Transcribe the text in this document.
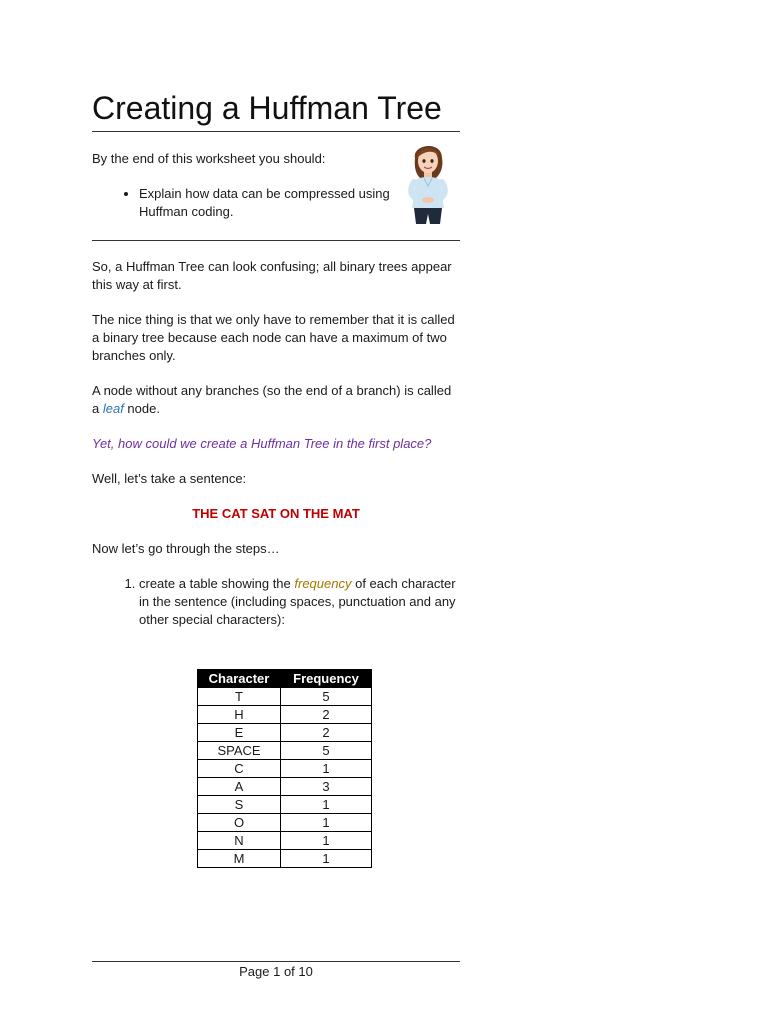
Creating a Huffman Tree

By the end of this worksheet you should:

• Explain how data can be compressed using Huffman coding.

So, a Huffman Tree can look confusing; all binary trees appear this way at first.

The nice thing is that we only have to remember that it is called a binary tree because each node can have a maximum of two branches only.

A node without any branches (so the end of a branch) is called a leaf node.

Yet, how could we create a Huffman Tree in the first place?

Well, let’s take a sentence:

THE CAT SAT ON THE MAT

Now let’s go through the steps…

1. create a table showing the frequency of each character in the sentence (including spaces, punctuation and any other special characters):
Character	Frequency
T	5
H	2
E	2
SPACE	5
C	1
A	3
S	1
O	1
N	1
M	1
Page 1 of 10
